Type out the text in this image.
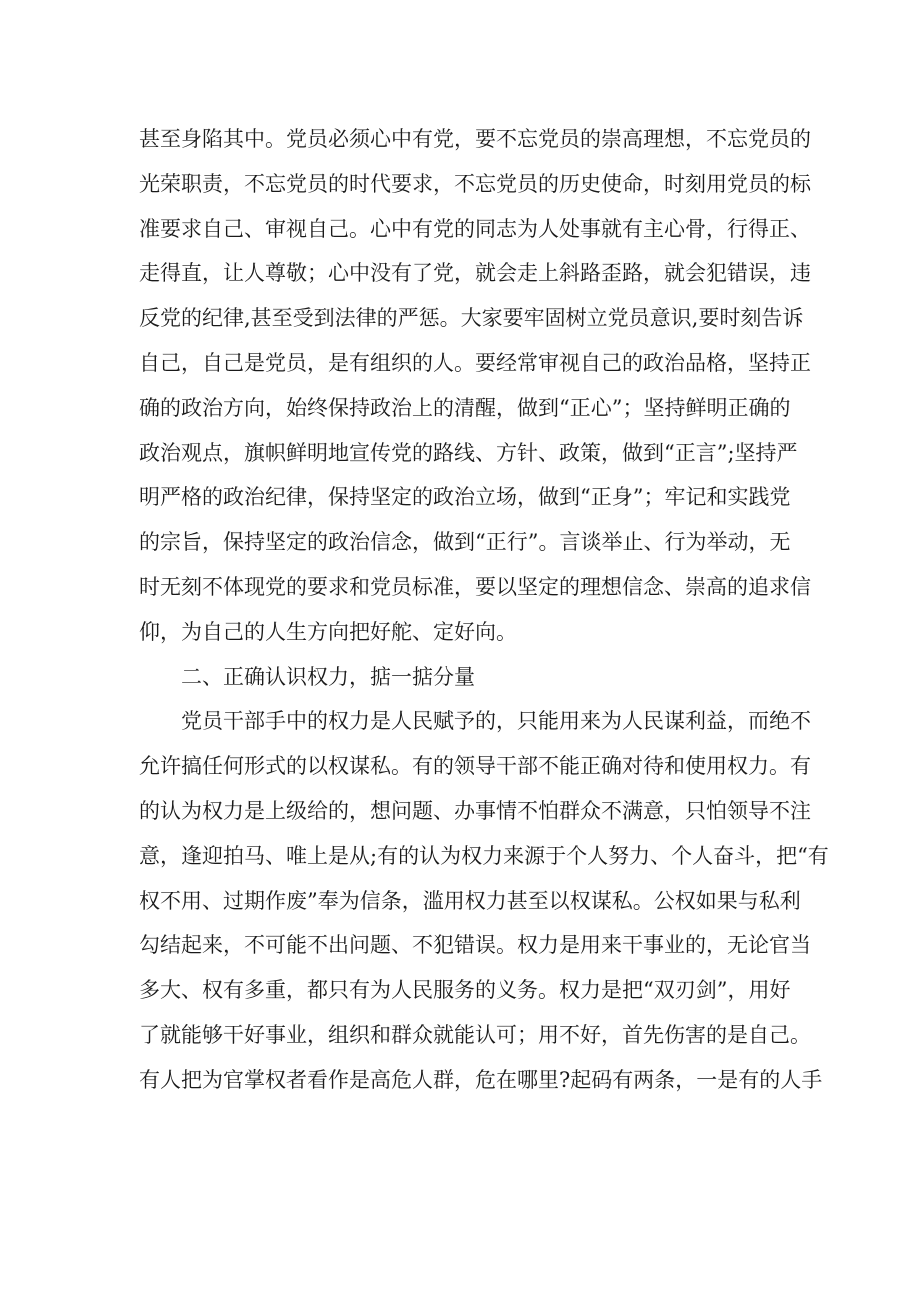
甚至身陷其中。党员必须心中有党，要不忘党员的崇高理想，不忘党员的
光荣职责，不忘党员的时代要求，不忘党员的历史使命，时刻用党员的标
准要求自己、审视自己。心中有党的同志为人处事就有主心骨，行得正、
走得直，让人尊敬；心中没有了党，就会走上斜路歪路，就会犯错误，违
反党的纪律,甚至受到法律的严惩。大家要牢固树立党员意识,要时刻告诉
自己，自己是党员，是有组织的人。要经常审视自己的政治品格，坚持正
确的政治方向，始终保持政治上的清醒，做到“正心”；坚持鲜明正确的
政治观点，旗帜鲜明地宣传党的路线、方针、政策，做到“正言”;坚持严
明严格的政治纪律，保持坚定的政治立场，做到“正身”；牢记和实践党
的宗旨，保持坚定的政治信念，做到“正行”。言谈举止、行为举动，无
时无刻不体现党的要求和党员标准，要以坚定的理想信念、崇高的追求信
仰，为自己的人生方向把好舵、定好向。
二、正确认识权力，掂一掂分量
党员干部手中的权力是人民赋予的，只能用来为人民谋利益，而绝不
允许搞任何形式的以权谋私。有的领导干部不能正确对待和使用权力。有
的认为权力是上级给的，想问题、办事情不怕群众不满意，只怕领导不注
意，逢迎拍马、唯上是从;有的认为权力来源于个人努力、个人奋斗，把“有
权不用、过期作废”奉为信条，滥用权力甚至以权谋私。公权如果与私利
勾结起来，不可能不出问题、不犯错误。权力是用来干事业的，无论官当
多大、权有多重，都只有为人民服务的义务。权力是把“双刃剑”，用好
了就能够干好事业，组织和群众就能认可；用不好，首先伤害的是自己。
有人把为官掌权者看作是高危人群，危在哪里?起码有两条，一是有的人手
